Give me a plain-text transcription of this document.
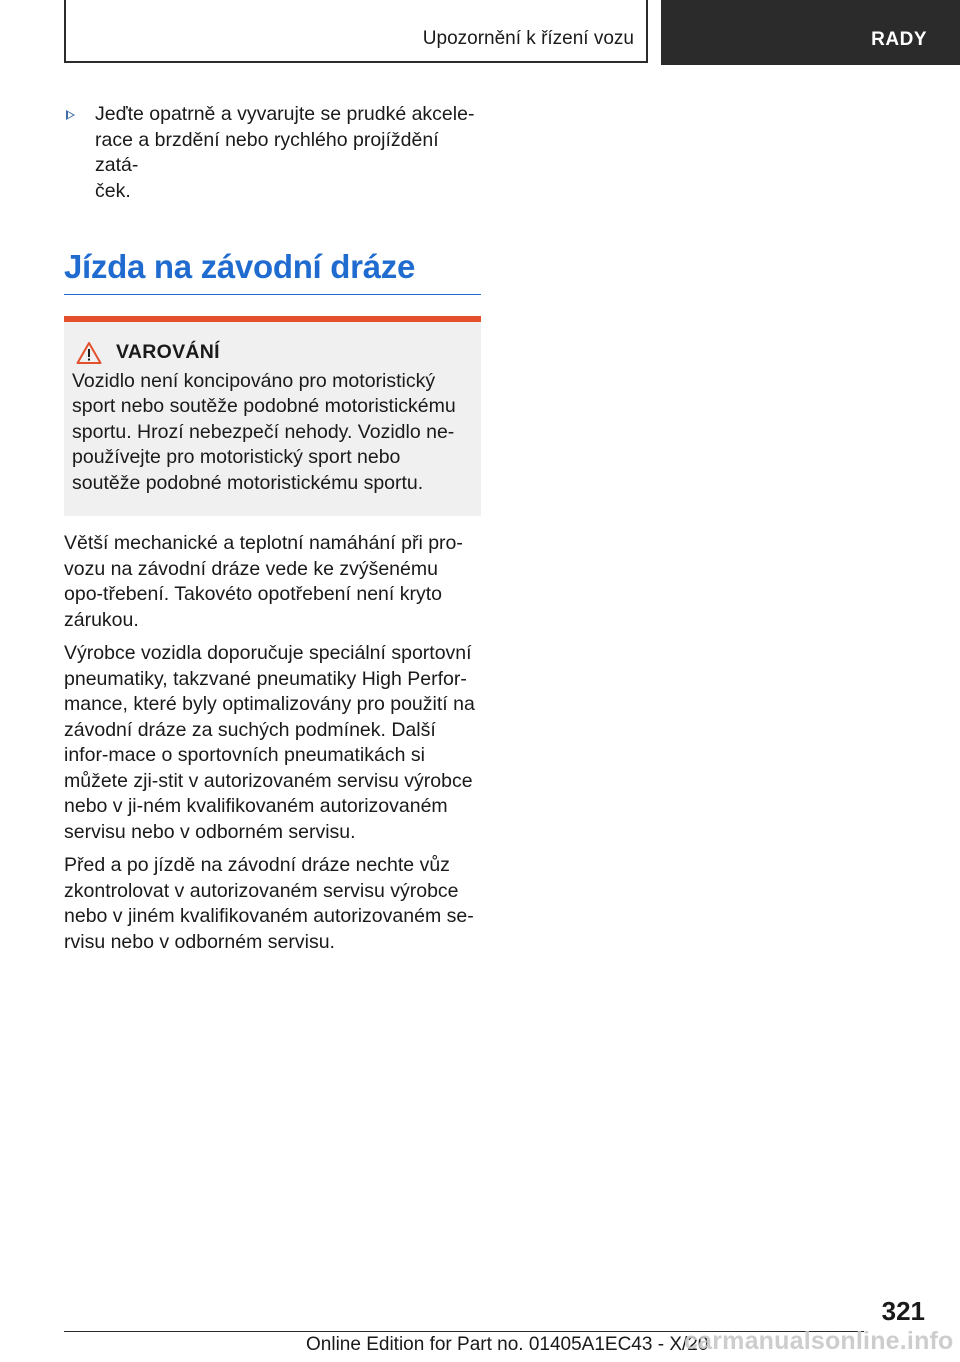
Upozornění k řízení vozu	RADY

Jeďte opatrně a vyvarujte se prudké akcele-
race a brzdění nebo rychlého projíždění zatá-
ček.

Jízda na závodní dráze
VAROVÁNÍ

Vozidlo není koncipováno pro motoristický sport nebo soutěže podobné motoristickému sportu. Hrozí nebezpečí nehody. Vozidlo ne-používejte pro motoristický sport nebo soutěže podobné motoristickému sportu.

Větší mechanické a teplotní namáhání při pro-vozu na závodní dráze vede ke zvýšenému opo-třebení. Takovéto opotřebení není kryto zárukou.

Výrobce vozidla doporučuje speciální sportovní pneumatiky, takzvané pneumatiky High Perfor-mance, které byly optimalizovány pro použití na závodní dráze za suchých podmínek. Další infor-mace o sportovních pneumatikách si můžete zji-stit v autorizovaném servisu výrobce nebo v ji-ném kvalifikovaném autorizovaném servisu nebo v odborném servisu.

Před a po jízdě na závodní dráze nechte vůz zkontrolovat v autorizovaném servisu výrobce nebo v jiném kvalifikovaném autorizovaném se-rvisu nebo v odborném servisu.

321
Online Edition for Part no. 01405A1EC43 - X/20
carmanualsonline.info
